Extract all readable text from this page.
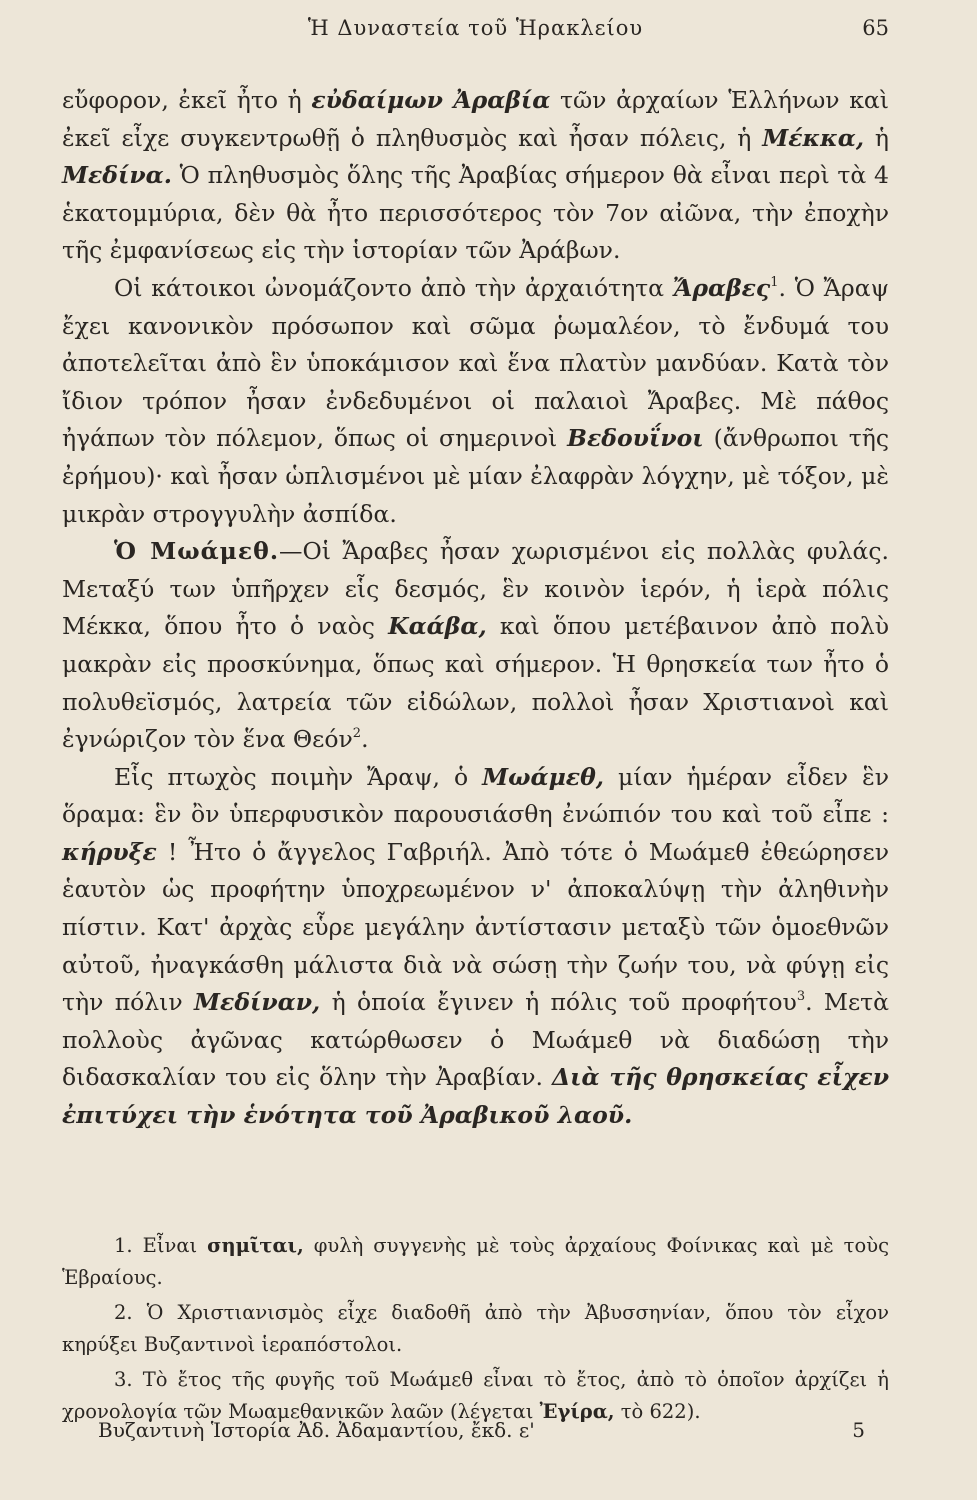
Ἡ Δυναστεία τοῦ Ἡρακλείου	65

εὔφορον, ἐκεῖ ἦτο ἡ εὐδαίμων Ἀραβία τῶν ἀρχαίων Ἑλλήνων καὶ ἐκεῖ εἶχε συγκεντρωθῇ ὁ πληθυσμὸς καὶ ἦσαν πόλεις, ἡ Μέκκα, ἡ Μεδίνα. Ὁ πληθυσμὸς ὅλης τῆς Ἀραβίας σήμερον θὰ εἶναι περὶ τὰ 4 ἑκατομμύρια, δὲν θὰ ἦτο περισσότερος τὸν 7ον αἰῶνα, τὴν ἐποχὴν τῆς ἐμφανίσεως εἰς τὴν ἱστορίαν τῶν Ἀράβων.

Οἱ κάτοικοι ὠνομάζοντο ἀπὸ τὴν ἀρχαιότητα Ἄραβες$^1$. Ὁ Ἄραψ ἔχει κανονικὸν πρόσωπον καὶ σῶμα ῥωμαλέον, τὸ ἔνδυμά του ἀποτελεῖται ἀπὸ ἓν ὑποκάμισον καὶ ἕνα πλατὺν μανδύαν. Κατὰ τὸν ἴδιον τρόπον ἦσαν ἐνδεδυμένοι οἱ παλαιοὶ Ἄραβες. Μὲ πάθος ἠγάπων τὸν πόλεμον, ὅπως οἱ σημερινοὶ Βεδουΐνοι (ἄνθρωποι τῆς ἐρήμου)· καὶ ἦσαν ὡπλισμένοι μὲ μίαν ἐλαφρὰν λόγχην, μὲ τόξον, μὲ μικρὰν στρογγυλὴν ἀσπίδα.

Ὁ Μωάμεθ.—Οἱ Ἄραβες ἦσαν χωρισμένοι εἰς πολλὰς φυλάς. Μεταξύ των ὑπῆρχεν εἷς δεσμός, ἓν κοινὸν ἱερόν, ἡ ἱερὰ πόλις Μέκκα, ὅπου ἦτο ὁ ναὸς Καάβα, καὶ ὅπου μετέβαινον ἀπὸ πολὺ μακρὰν εἰς προσκύνημα, ὅπως καὶ σήμερον. Ἡ θρησκεία των ἦτο ὁ πολυθεϊσμός, λατρεία τῶν εἰδώλων, πολλοὶ ἦσαν Χριστιανοὶ καὶ ἐγνώριζον τὸν ἕνα Θεόν$^2$.

Εἷς πτωχὸς ποιμὴν Ἄραψ, ὁ Μωάμεθ, μίαν ἡμέραν εἶδεν ἓν ὅραμα: ἓν ὂν ὑπερφυσικὸν παρουσιάσθη ἐνώπιόν του καὶ τοῦ εἶπε : κήρυξε ! Ἦτο ὁ ἄγγελος Γαβριήλ. Ἀπὸ τότε ὁ Μωάμεθ ἐθεώρησεν ἑαυτὸν ὡς προφήτην ὑποχρεωμένον ν' ἀποκαλύψῃ τὴν ἀληθινὴν πίστιν. Κατ' ἀρχὰς εὗρε μεγάλην ἀντίστασιν μεταξὺ τῶν ὁμοεθνῶν αὐτοῦ, ἠναγκάσθη μάλιστα διὰ νὰ σώσῃ τὴν ζωήν του, νὰ φύγῃ εἰς τὴν πόλιν Μεδίναν, ἡ ὁποία ἔγινεν ἡ πόλις τοῦ προφήτου$^3$. Μετὰ πολλοὺς ἀγῶνας κατώρθωσεν ὁ Μωάμεθ νὰ διαδώσῃ τὴν διδασκαλίαν του εἰς ὅλην τὴν Ἀραβίαν. Διὰ τῆς θρησκείας εἶχεν ἐπιτύχει τὴν ἑνότητα τοῦ Ἀραβικοῦ λαοῦ.

1. Εἶναι σημῖται, φυλὴ συγγενὴς μὲ τοὺς ἀρχαίους Φοίνικας καὶ μὲ τοὺς Ἑβραίους.

2. Ὁ Χριστιανισμὸς εἶχε διαδοθῆ ἀπὸ τὴν Ἀβυσσηνίαν, ὅπου τὸν εἶχον κηρύξει Βυζαντινοὶ ἱεραπόστολοι.

3. Τὸ ἔτος τῆς φυγῆς τοῦ Μωάμεθ εἶναι τὸ ἔτος, ἀπὸ τὸ ὁποῖον ἀρχίζει ἡ χρονολογία τῶν Μωαμεθανικῶν λαῶν (λέγεται Ἐγίρα, τὸ 622).

Βυζαντινὴ Ἱστορία Ἀδ. Ἀδαμαντίου, ἔκδ. ε'	5
